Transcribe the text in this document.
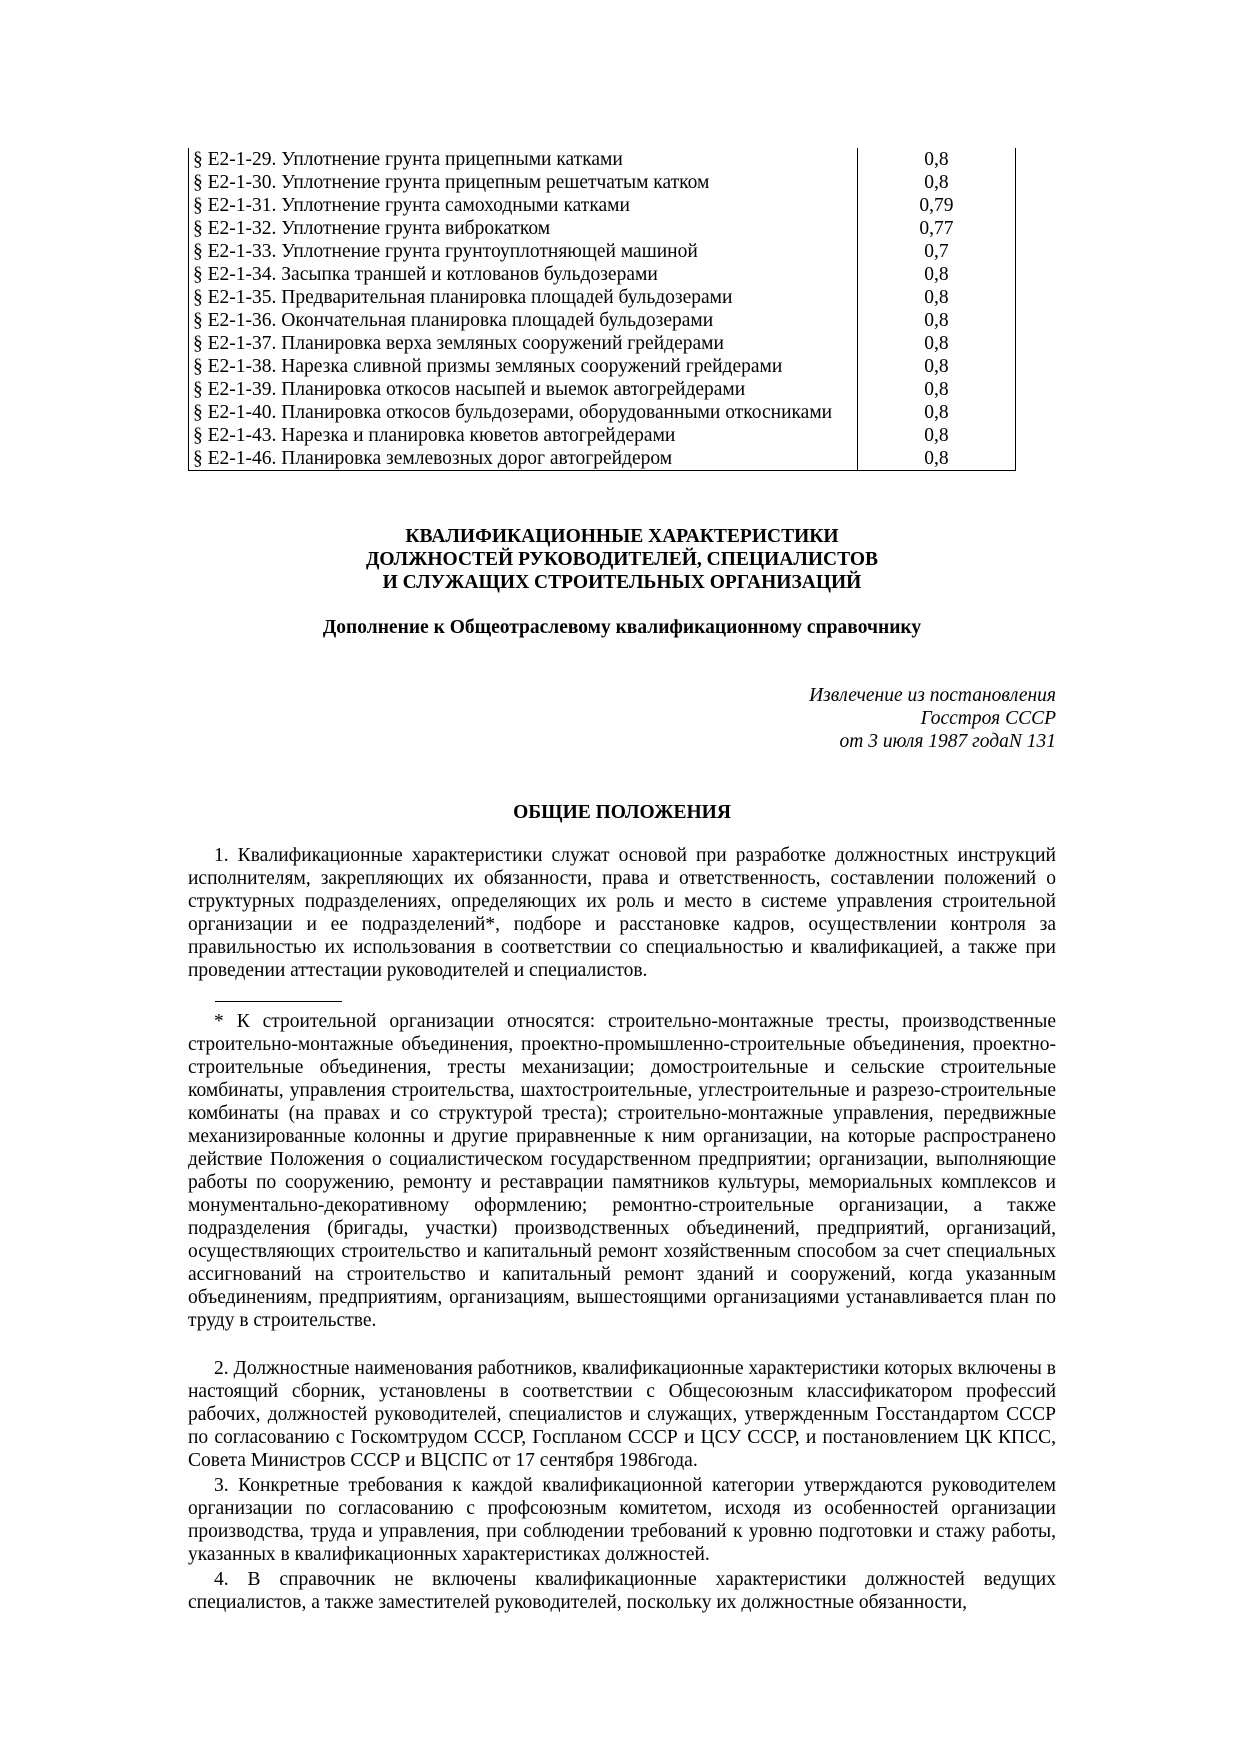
§ Е2-1-29. Уплотнение грунта прицепными катками	0,8
§ Е2-1-30. Уплотнение грунта прицепным решетчатым катком	0,8
§ Е2-1-31. Уплотнение грунта самоходными катками	0,79
§ Е2-1-32. Уплотнение грунта виброкатком	0,77
§ Е2-1-33. Уплотнение грунта грунтоуплотняющей машиной	0,7
§ Е2-1-34. Засыпка траншей и котлованов бульдозерами	0,8
§ Е2-1-35. Предварительная планировка площадей бульдозерами	0,8
§ Е2-1-36. Окончательная планировка площадей бульдозерами	0,8
§ Е2-1-37. Планировка верха земляных сооружений грейдерами	0,8
§ Е2-1-38. Нарезка сливной призмы земляных сооружений грейдерами	0,8
§ Е2-1-39. Планировка откосов насыпей и выемок автогрейдерами	0,8
§ Е2-1-40. Планировка откосов бульдозерами, оборудованными откосниками	0,8
§ Е2-1-43. Нарезка и планировка кюветов автогрейдерами	0,8
§ Е2-1-46. Планировка землевозных дорог автогрейдером	0,8
КВАЛИФИКАЦИОННЫЕ ХАРАКТЕРИСТИКИ
ДОЛЖНОСТЕЙ РУКОВОДИТЕЛЕЙ, СПЕЦИАЛИСТОВ
И СЛУЖАЩИХ СТРОИТЕЛЬНЫХ ОРГАНИЗАЦИЙ
Дополнение к Общеотраслевому квалификационному справочнику
Извлечение из постановления
Госстроя СССР
от 3 июля 1987 годаN 131
ОБЩИЕ ПОЛОЖЕНИЯ

1. Квалификационные характеристики служат основой при разработке должностных инструкций исполнителям, закрепляющих их обязанности, права и ответственность, составлении положений о структурных подразделениях, определяющих их роль и место в системе управления строительной организации и ее подразделений*, подборе и расстановке кадров, осуществлении контроля за правильностью их использования в соответствии со специальностью и квалификацией, а также при проведении аттестации руководителей и специалистов.

* К строительной организации относятся: строительно-монтажные тресты, производственные строительно-монтажные объединения, проектно-промышленно-строительные объединения, проектно-строительные объединения, тресты механизации; домостроительные и сельские строительные комбинаты, управления строительства, шахтостроительные, углестроительные и разрезо-строительные комбинаты (на правах и со структурой треста); строительно-монтажные управления, передвижные механизированные колонны и другие приравненные к ним организации, на которые распространено действие Положения о социалистическом государственном предприятии; организации, выполняющие работы по сооружению, ремонту и реставрации памятников культуры, мемориальных комплексов и монументально-декоративному оформлению; ремонтно-строительные организации, а также подразделения (бригады, участки) производственных объединений, предприятий, организаций, осуществляющих строительство и капитальный ремонт хозяйственным способом за счет специальных ассигнований на строительство и капитальный ремонт зданий и сооружений, когда указанным объединениям, предприятиям, организациям, вышестоящими организациями устанавливается план по труду в строительстве.

2. Должностные наименования работников, квалификационные характеристики которых включены в настоящий сборник, установлены в соответствии с Общесоюзным классификатором профессий рабочих, должностей руководителей, специалистов и служащих, утвержденным Госстандартом СССР по согласованию с Госкомтрудом СССР, Госпланом СССР и ЦСУ СССР, и постановлением ЦК КПСС, Совета Министров СССР и ВЦСПС от 17 сентября 1986года.

3. Конкретные требования к каждой квалификационной категории утверждаются руководителем организации по согласованию с профсоюзным комитетом, исходя из особенностей организации производства, труда и управления, при соблюдении требований к уровню подготовки и стажу работы, указанных в квалификационных характеристиках должностей.

4. В справочник не включены квалификационные характеристики должностей ведущих специалистов, а также заместителей руководителей, поскольку их должностные обязанности,
